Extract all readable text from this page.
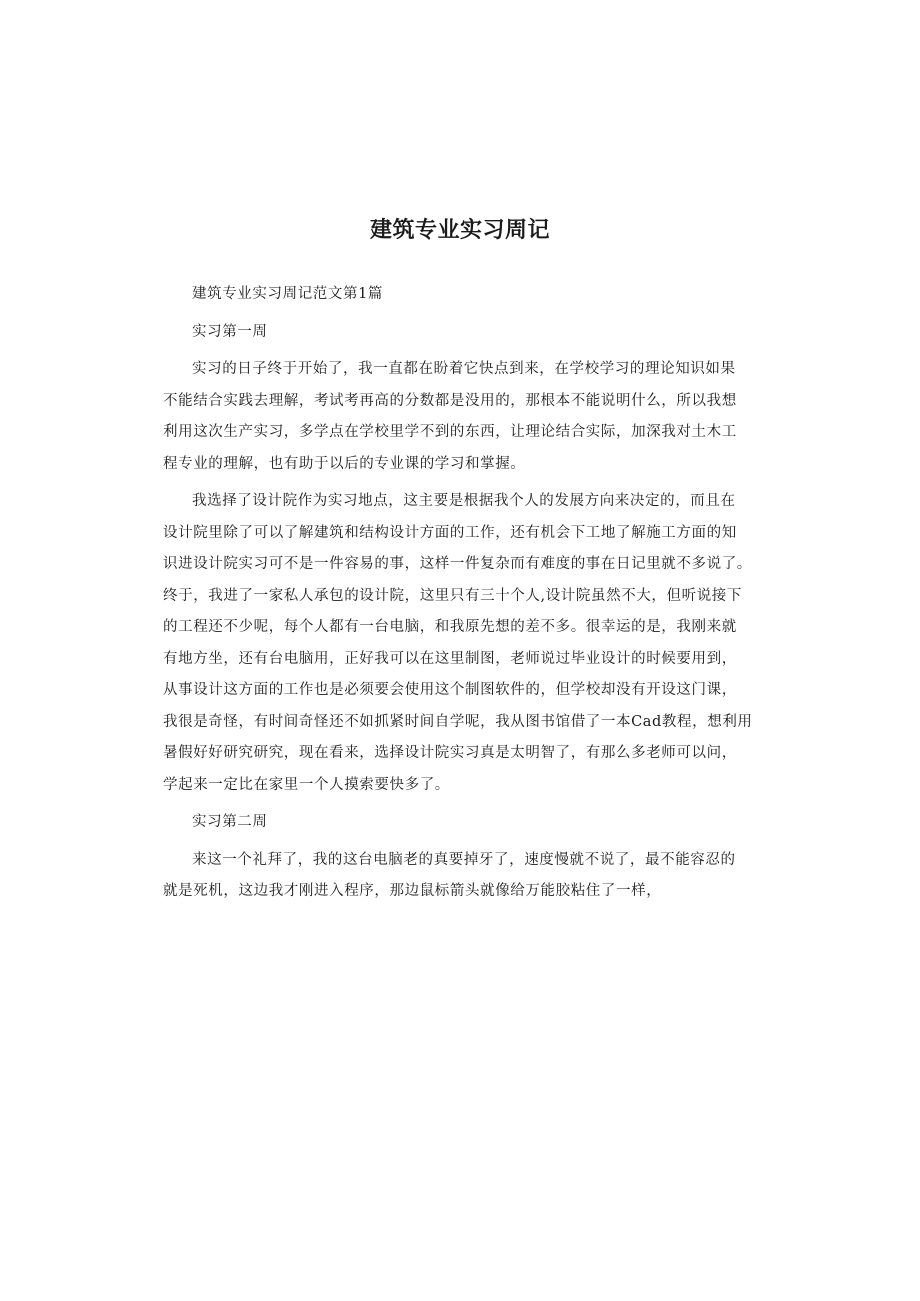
建筑专业实习周记

建筑专业实习周记范文第1篇

实习第一周

实习的日子终于开始了，我一直都在盼着它快点到来，在学校学习的理论知识如果
不能结合实践去理解，考试考再高的分数都是没用的，那根本不能说明什么，所以我想
利用这次生产实习，多学点在学校里学不到的东西，让理论结合实际，加深我对土木工
程专业的理解，也有助于以后的专业课的学习和掌握。

我选择了设计院作为实习地点，这主要是根据我个人的发展方向来决定的，而且在
设计院里除了可以了解建筑和结构设计方面的工作，还有机会下工地了解施工方面的知
识进设计院实习可不是一件容易的事，这样一件复杂而有难度的事在日记里就不多说了。
终于，我进了一家私人承包的设计院，这里只有三十个人,设计院虽然不大，但听说接下
的工程还不少呢，每个人都有一台电脑，和我原先想的差不多。很幸运的是，我刚来就
有地方坐，还有台电脑用，正好我可以在这里制图，老师说过毕业设计的时候要用到，
从事设计这方面的工作也是必须要会使用这个制图软件的，但学校却没有开设这门课，
我很是奇怪，有时间奇怪还不如抓紧时间自学呢，我从图书馆借了一本Cad教程，想利用
暑假好好研究研究，现在看来，选择设计院实习真是太明智了，有那么多老师可以问，
学起来一定比在家里一个人摸索要快多了。

实习第二周

来这一个礼拜了，我的这台电脑老的真要掉牙了，速度慢就不说了，最不能容忍的
就是死机，这边我才刚进入程序，那边鼠标箭头就像给万能胶粘住了一样，
